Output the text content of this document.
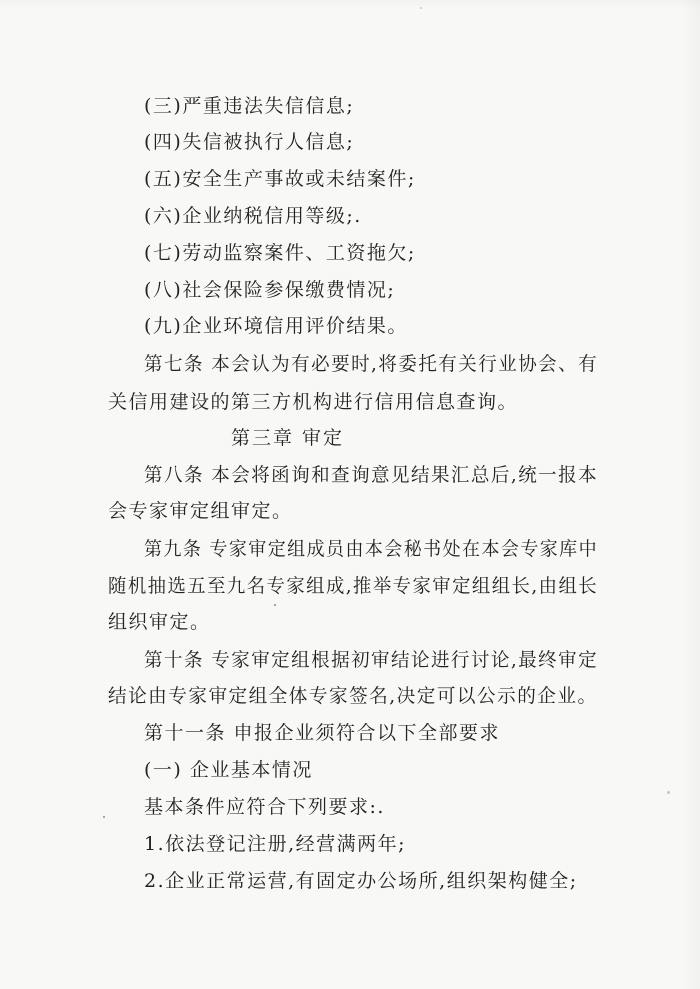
(三)严重违法失信信息;
(四)失信被执行人信息;
(五)安全生产事故或未结案件;
(六)企业纳税信用等级;.
(七)劳动监察案件、工资拖欠;
(八)社会保险参保缴费情况;
(九)企业环境信用评价结果。
第七条 本会认为有必要时,将委托有关行业协会、有
关信用建设的第三方机构进行信用信息查询。
第三章 审定
第八条 本会将函询和查询意见结果汇总后,统一报本
会专家审定组审定。
第九条 专家审定组成员由本会秘书处在本会专家库中
随机抽选五至九名专家组成,推举专家审定组组长,由组长
组织审定。
第十条 专家审定组根据初审结论进行讨论,最终审定
结论由专家审定组全体专家签名,决定可以公示的企业。
第十一条 申报企业须符合以下全部要求
(一) 企业基本情况
基本条件应符合下列要求:.
1.依法登记注册,经营满两年;
2.企业正常运营,有固定办公场所,组织架构健全;
